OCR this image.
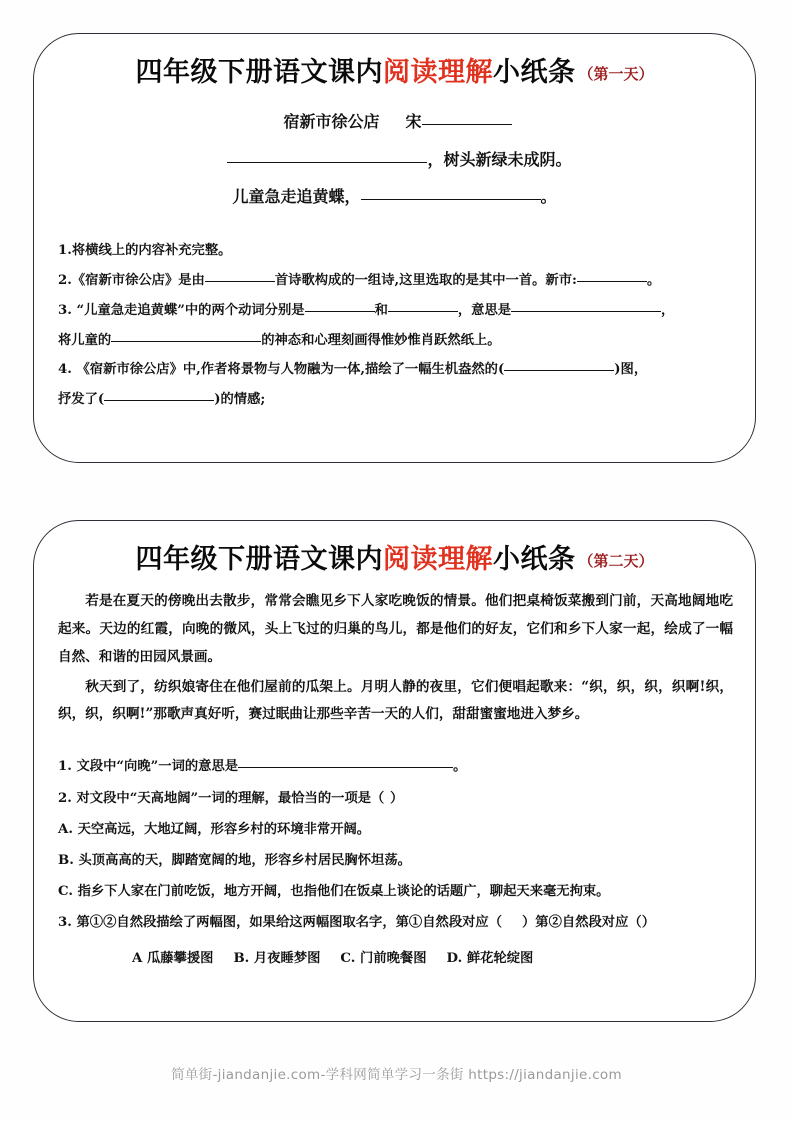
四年级下册语文课内阅读理解小纸条 （第一天）
宿新市徐公店 宋
，树头新绿未成阴。
儿童急走追黄蝶，	。
1.将横线上的内容补充完整。
2.《宿新市徐公店》是由	首诗歌构成的一组诗,这里选取的是其中一首。新市:	。
3. “儿童急走追黄蝶”中的两个动词分别是	和	，意思是	，
将儿童的	的神态和心理刻画得惟妙惟肖跃然纸上。
4. 《宿新市徐公店》中,作者将景物与人物融为一体,描绘了一幅生机盎然的(	)图，
抒发了(	)的情感;
四年级下册语文课内阅读理解小纸条 （第二天）

若是在夏天的傍晚出去散步，常常会瞧见乡下人家吃晚饭的情景。他们把桌椅饭菜搬到门前，天高地阔地吃起来。天边的红霞，向晚的微风，头上飞过的归巢的鸟儿，都是他们的好友，它们和乡下人家一起，绘成了一幅自然、和谐的田园风景画。

秋天到了，纺织娘寄住在他们屋前的瓜架上。月明人静的夜里，它们便唱起歌来：“织，织，织，织啊!织，织，织，织啊!”那歌声真好听，赛过眠曲让那些辛苦一天的人们，甜甜蜜蜜地进入梦乡。

1. 文段中“向晚”一词的意思是	。
2. 对文段中“天高地阔”一词的理解，最恰当的一项是（ ）
A. 天空高远，大地辽阔，形容乡村的环境非常开阔。
B. 头顶高高的天，脚踏宽阔的地，形容乡村居民胸怀坦荡。
C. 指乡下人家在门前吃饭，地方开阔，也指他们在饭桌上谈论的话题广，聊起天来毫无拘束。
3. 第①②自然段描绘了两幅图，如果给这两幅图取名字，第①自然段对应（ ）第②自然段对应（）
A 瓜藤攀援图 B. 月夜睡梦图 C. 门前晚餐图 D. 鲜花轮绽图
简单街-jiandanjie.com-学科网简单学习一条街 https://jiandanjie.com
